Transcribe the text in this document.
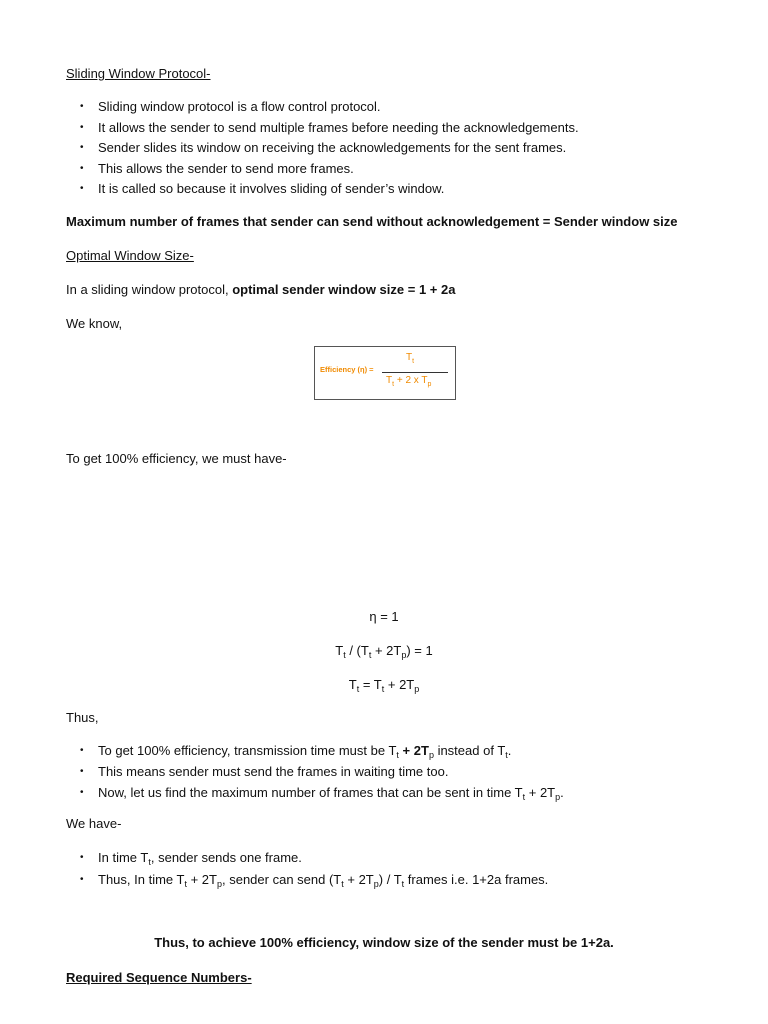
Sliding Window Protocol-
• Sliding window protocol is a flow control protocol.
• It allows the sender to send multiple frames before needing the acknowledgements.
• Sender slides its window on receiving the acknowledgements for the sent frames.
• This allows the sender to send more frames.
• It is called so because it involves sliding of sender’s window.
Maximum number of frames that sender can send without acknowledgement = Sender window size
Optimal Window Size-
In a sliding window protocol, optimal sender window size = 1 + 2a
We know,
Efficiency (η) =
$T_t$
$T_t + 2$ x $T_p$
To get 100% efficiency, we must have-
η = 1
$T_t / (T_t + 2T_p) = 1$
$T_t = T_t + 2T_p$
Thus,
• To get 100% efficiency, transmission time must be $T_t + 2T_p$ instead of $T_t$.
• This means sender must send the frames in waiting time too.
• Now, let us find the maximum number of frames that can be sent in time $T_t + 2T_p$.
We have-
• In time $T_t$, sender sends one frame.
• Thus, In time $T_t + 2T_p$, sender can send $(T_t + 2T_p) / T_t$ frames i.e. 1+2a frames.
Thus, to achieve 100% efficiency, window size of the sender must be 1+2a.
Required Sequence Numbers-
